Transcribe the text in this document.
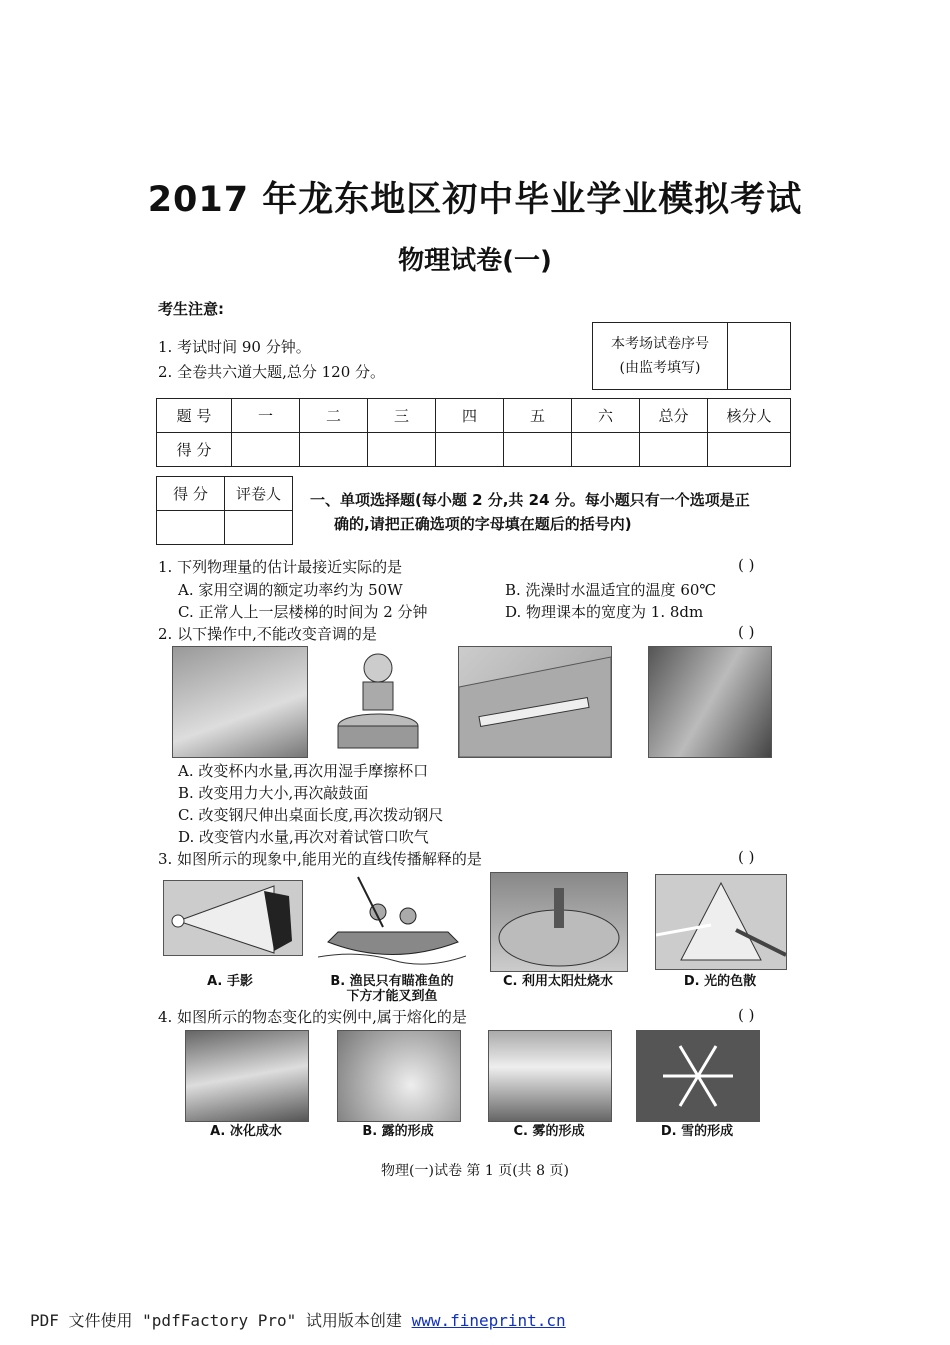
2017 年龙东地区初中毕业学业模拟考试
物理试卷(一)
考生注意:
1. 考试时间 90 分钟。
2. 全卷共六道大题,总分 120 分。
本考场试卷序号
(由监考填写)

题 号	一	二	三	四	五	六	总分	核分人
得 分								
得 分	评卷人
	一、单项选择题(每小题 2 分,共 24 分。每小题只有一个选项是正
确的,请把正确选项的字母填在题后的括号内)
1. 下列物理量的估计最接近实际的是	( )
A. 家用空调的额定功率约为 50W	B. 洗澡时水温适宜的温度 60℃
C. 正常人上一层楼梯的时间为 2 分钟	D. 物理课本的宽度为 1. 8dm
2. 以下操作中,不能改变音调的是	( )
A. 改变杯内水量,再次用湿手摩擦杯口
B. 改变用力大小,再次敲鼓面
C. 改变钢尺伸出桌面长度,再次拨动钢尺
D. 改变管内水量,再次对着试管口吹气
3. 如图所示的现象中,能用光的直线传播解释的是	( )
A. 手影	B. 渔民只有瞄准鱼的
下方才能叉到鱼
C. 利用太阳灶烧水	D. 光的色散
4. 如图所示的物态变化的实例中,属于熔化的是	( )
A. 冰化成水	B. 露的形成	C. 雾的形成	D. 雪的形成
物理(一)试卷 第 1 页(共 8 页)
PDF 文件使用 "pdfFactory Pro" 试用版本创建 www.fineprint.cn
